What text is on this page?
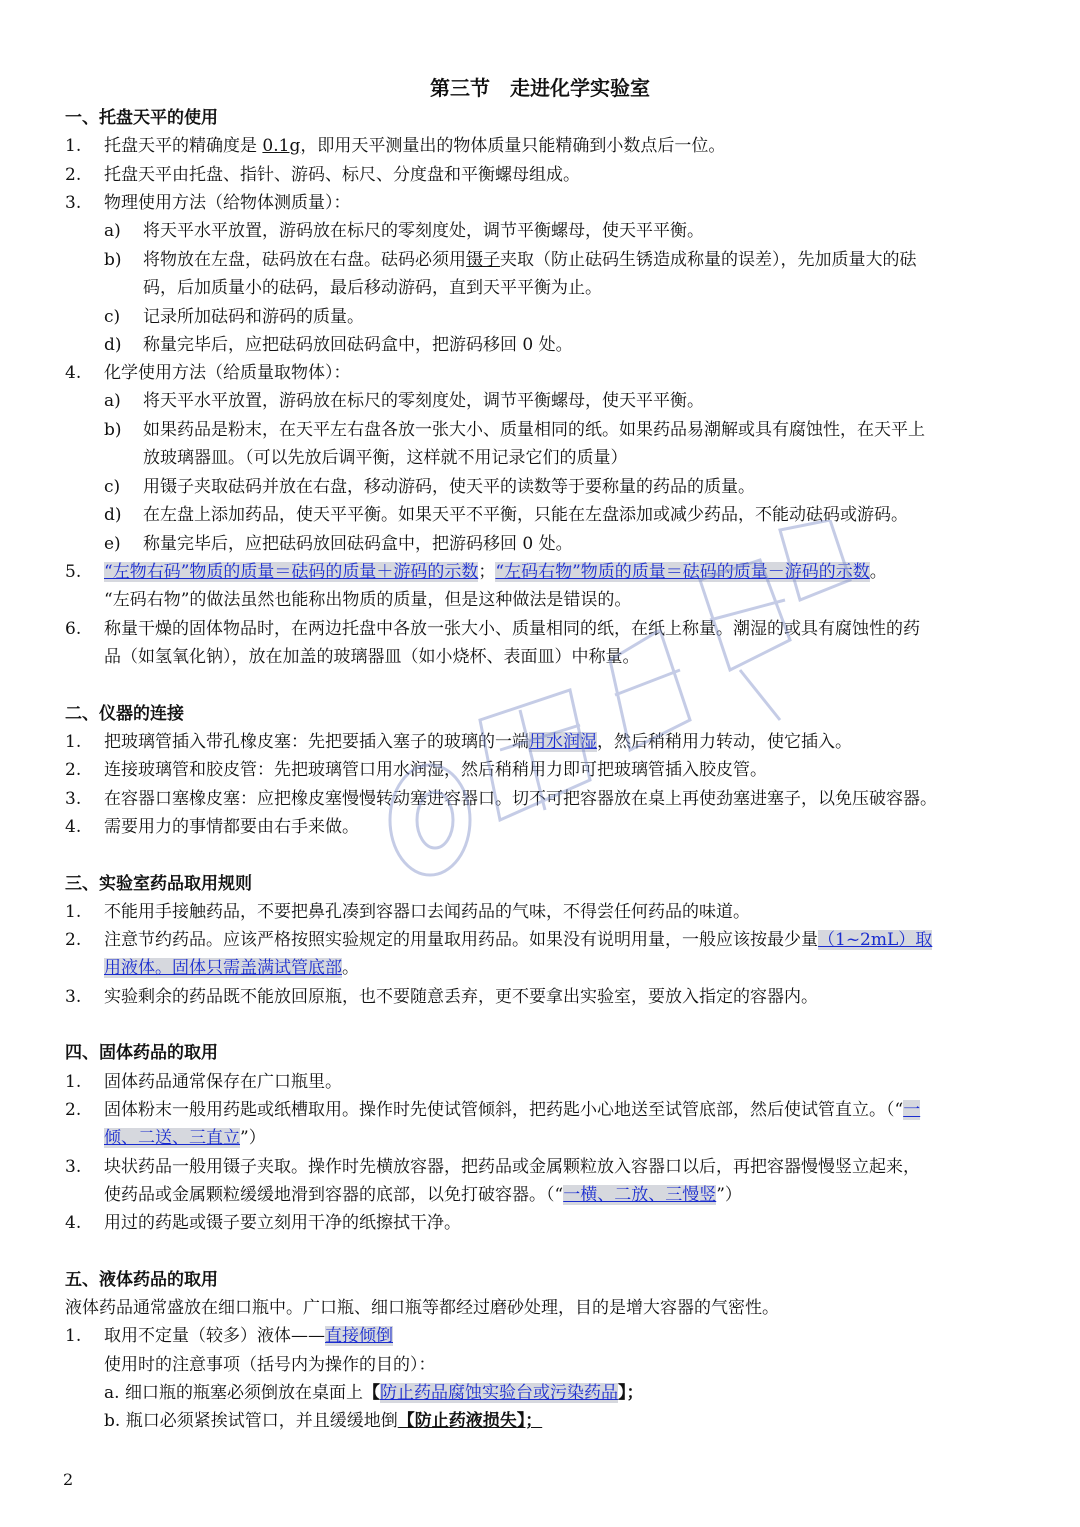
第三节　走进化学实验室
一、托盘天平的使用
1. 托盘天平的精确度是 0.1g，即用天平测量出的物体质量只能精确到小数点后一位。
2. 托盘天平由托盘、指针、游码、标尺、分度盘和平衡螺母组成。
3. 物理使用方法（给物体测质量）：
a) 将天平水平放置，游码放在标尺的零刻度处，调节平衡螺母，使天平平衡。
b) 将物放在左盘，砝码放在右盘。砝码必须用镊子夹取（防止砝码生锈造成称量的误差），先加质量大的砝
码，后加质量小的砝码，最后移动游码，直到天平平衡为止。
c) 记录所加砝码和游码的质量。
d) 称量完毕后，应把砝码放回砝码盒中，把游码移回 0 处。
4. 化学使用方法（给质量取物体）：
a) 将天平水平放置，游码放在标尺的零刻度处，调节平衡螺母，使天平平衡。
b) 如果药品是粉末，在天平左右盘各放一张大小、质量相同的纸。如果药品易潮解或具有腐蚀性，在天平上
放玻璃器皿。（可以先放后调平衡，这样就不用记录它们的质量）
c) 用镊子夹取砝码并放在右盘，移动游码，使天平的读数等于要称量的药品的质量。
d) 在左盘上添加药品，使天平平衡。如果天平不平衡，只能在左盘添加或减少药品，不能动砝码或游码。
e) 称量完毕后，应把砝码放回砝码盒中，把游码移回 0 处。
5. “左物右码”物质的质量＝砝码的质量＋游码的示数；“左码右物”物质的质量＝砝码的质量－游码的示数。
“左码右物”的做法虽然也能称出物质的质量，但是这种做法是错误的。
6. 称量干燥的固体物品时，在两边托盘中各放一张大小、质量相同的纸，在纸上称量。潮湿的或具有腐蚀性的药
品（如氢氧化钠），放在加盖的玻璃器皿（如小烧杯、表面皿）中称量。
二、仪器的连接
1. 把玻璃管插入带孔橡皮塞：先把要插入塞子的玻璃的一端用水润湿，然后稍稍用力转动，使它插入。
2. 连接玻璃管和胶皮管：先把玻璃管口用水润湿，然后稍稍用力即可把玻璃管插入胶皮管。
3. 在容器口塞橡皮塞：应把橡皮塞慢慢转动塞进容器口。切不可把容器放在桌上再使劲塞进塞子，以免压破容器。
4. 需要用力的事情都要由右手来做。
三、实验室药品取用规则
1. 不能用手接触药品，不要把鼻孔凑到容器口去闻药品的气味，不得尝任何药品的味道。
2. 注意节约药品。应该严格按照实验规定的用量取用药品。如果没有说明用量，一般应该按最少量（1~2mL）取
用液体。固体只需盖满试管底部。
3. 实验剩余的药品既不能放回原瓶，也不要随意丢弃，更不要拿出实验室，要放入指定的容器内。
四、固体药品的取用
1. 固体药品通常保存在广口瓶里。
2. 固体粉末一般用药匙或纸槽取用。操作时先使试管倾斜，把药匙小心地送至试管底部，然后使试管直立。（“一
倾、二送、三直立”）
3. 块状药品一般用镊子夹取。操作时先横放容器，把药品或金属颗粒放入容器口以后，再把容器慢慢竖立起来，
使药品或金属颗粒缓缓地滑到容器的底部，以免打破容器。（“一横、二放、三慢竖”）
4. 用过的药匙或镊子要立刻用干净的纸擦拭干净。
五、液体药品的取用
液体药品通常盛放在细口瓶中。广口瓶、细口瓶等都经过磨砂处理，目的是增大容器的气密性。
1. 取用不定量（较多）液体——直接倾倒
使用时的注意事项（括号内为操作的目的）：
a. 细口瓶的瓶塞必须倒放在桌面上【防止药品腐蚀实验台或污染药品】；
b. 瓶口必须紧挨试管口，并且缓缓地倒【防止药液损失】；
2
